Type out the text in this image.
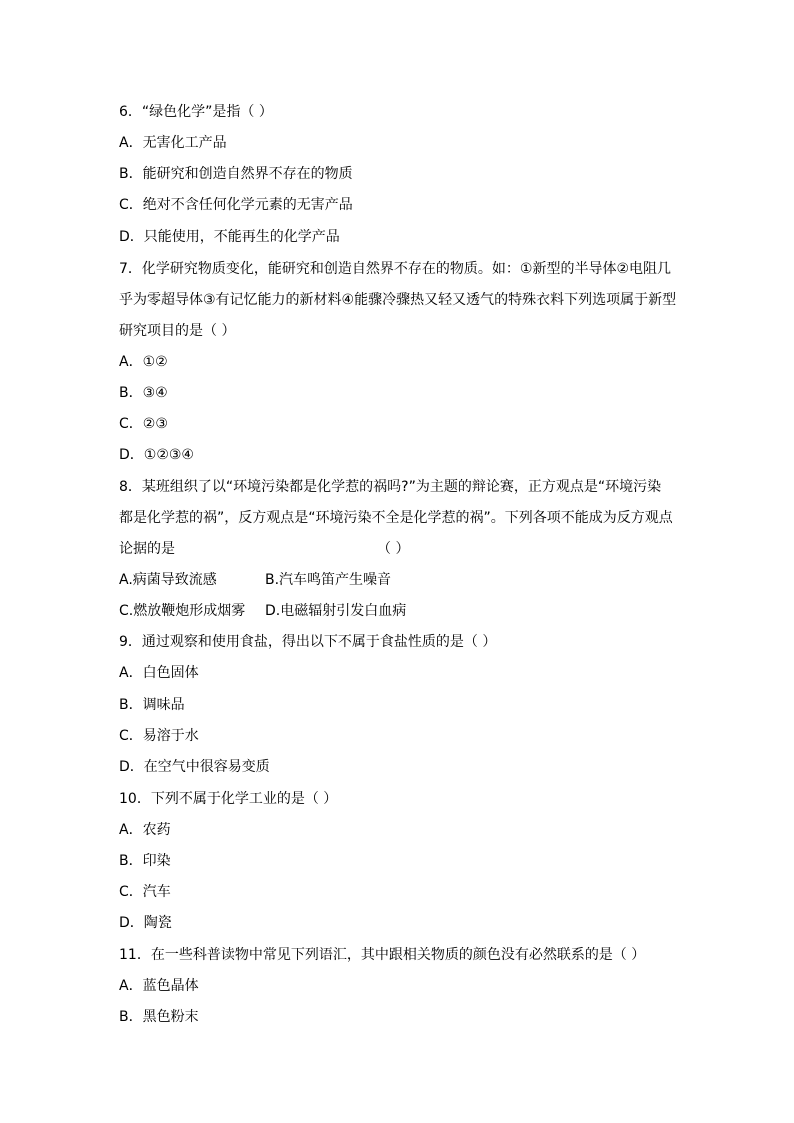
6．“绿色化学”是指（ ）
A．无害化工产品
B．能研究和创造自然界不存在的物质
C．绝对不含任何化学元素的无害产品
D．只能使用，不能再生的化学产品
7．化学研究物质变化，能研究和创造自然界不存在的物质。如：①新型的半导体②电阻几
乎为零超导体③有记忆能力的新材料④能骤冷骤热又轻又透气的特殊衣料下列选项属于新型
研究项目的是（ ）
A．①②
B．③④
C．②③
D．①②③④
8．某班组织了以“环境污染都是化学惹的祸吗?”为主题的辩论赛，正方观点是“环境污染
都是化学惹的祸”，反方观点是“环境污染不全是化学惹的祸”。下列各项不能成为反方观点
论据的是	（ ）
A.病菌导致流感	B.汽车鸣笛产生噪音
C.燃放鞭炮形成烟雾 D.电磁辐射引发白血病
9．通过观察和使用食盐，得出以下不属于食盐性质的是（ ）
A．白色固体
B．调味品
C．易溶于水
D．在空气中很容易变质
10．下列不属于化学工业的是（ ）
A．农药
B．印染
C．汽车
D．陶瓷
11．在一些科普读物中常见下列语汇，其中跟相关物质的颜色没有必然联系的是（ ）
A．蓝色晶体
B．黑色粉末
